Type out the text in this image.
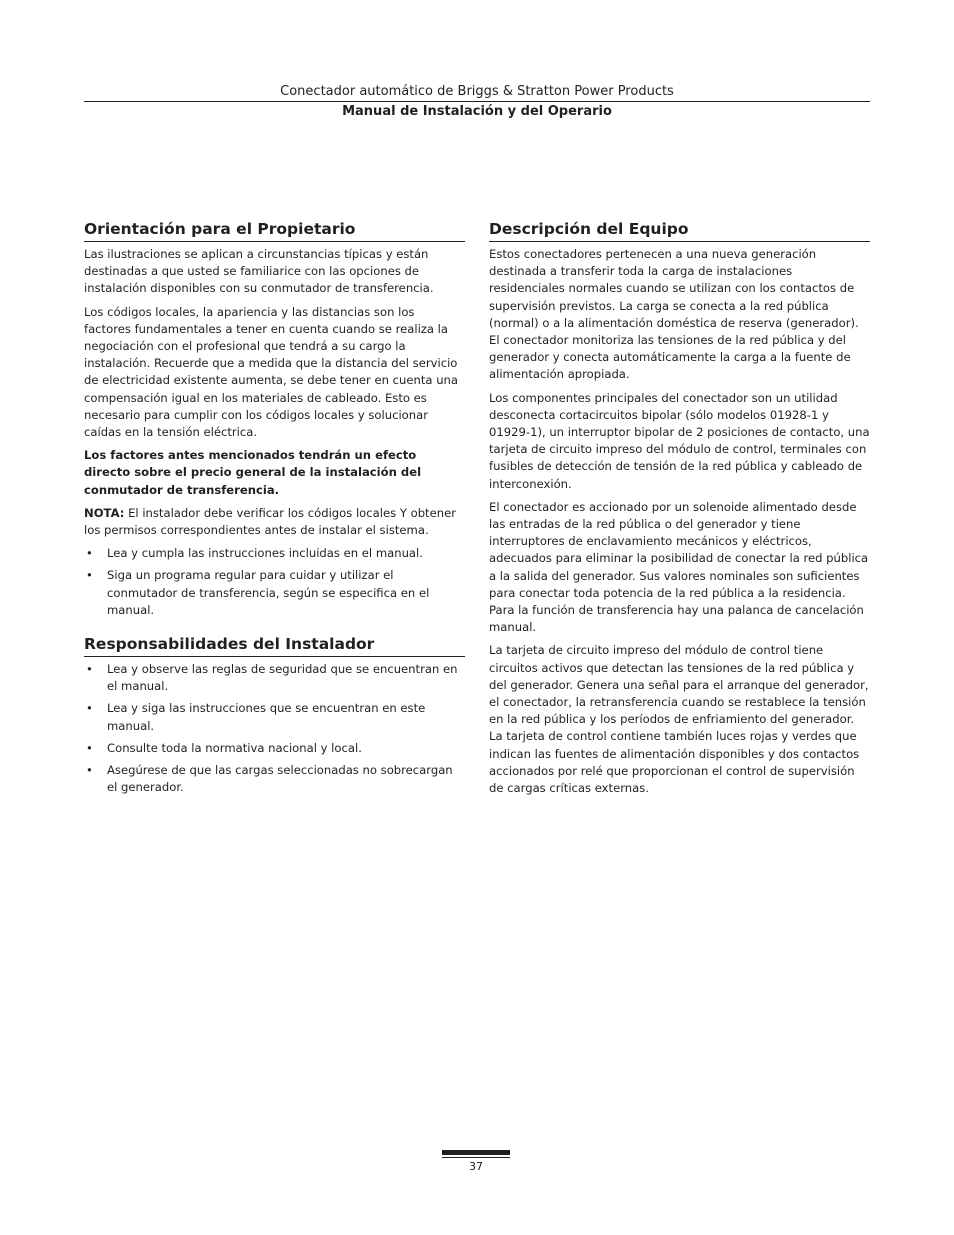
Conectador automático de Briggs & Stratton Power Products
Manual de Instalación y del Operario
Orientación para el Propietario

Las ilustraciones se aplican a circunstancias típicas y están destinadas a que usted se familiarice con las opciones de instalación disponibles con su conmutador de transferencia.

Los códigos locales, la apariencia y las distancias son los factores fundamentales a tener en cuenta cuando se realiza la negociación con el profesional que tendrá a su cargo la instalación. Recuerde que a medida que la distancia del servicio de electricidad existente aumenta, se debe tener en cuenta una compensación igual en los materiales de cableado. Esto es necesario para cumplir con los códigos locales y solucionar caídas en la tensión eléctrica.

Los factores antes mencionados tendrán un efecto directo sobre el precio general de la instalación del conmutador de transferencia.

NOTA: El instalador debe verificar los códigos locales Y obtener los permisos correspondientes antes de instalar el sistema.

• Lea y cumpla las instrucciones incluidas en el manual.
• Siga un programa regular para cuidar y utilizar el conmutador de transferencia, según se especifica en el manual.
Responsabilidades del Instalador
• Lea y observe las reglas de seguridad que se encuentran en el manual.
• Lea y siga las instrucciones que se encuentran en este manual.
• Consulte toda la normativa nacional y local.
• Asegúrese de que las cargas seleccionadas no sobrecargan el generador.
Descripción del Equipo

Estos conectadores pertenecen a una nueva generación destinada a transferir toda la carga de instalaciones residenciales normales cuando se utilizan con los contactos de supervisión previstos. La carga se conecta a la red pública (normal) o a la alimentación doméstica de reserva (generador). El conectador monitoriza las tensiones de la red pública y del generador y conecta automáticamente la carga a la fuente de alimentación apropiada.

Los componentes principales del conectador son un utilidad desconecta cortacircuitos bipolar (sólo modelos 01928-1 y 01929-1), un interruptor bipolar de 2 posiciones de contacto, una tarjeta de circuito impreso del módulo de control, terminales con fusibles de detección de tensión de la red pública y cableado de interconexión.

El conectador es accionado por un solenoide alimentado desde las entradas de la red pública o del generador y tiene interruptores de enclavamiento mecánicos y eléctricos, adecuados para eliminar la posibilidad de conectar la red pública a la salida del generador. Sus valores nominales son suficientes para conectar toda potencia de la red pública a la residencia. Para la función de transferencia hay una palanca de cancelación manual.

La tarjeta de circuito impreso del módulo de control tiene circuitos activos que detectan las tensiones de la red pública y del generador. Genera una señal para el arranque del generador, el conectador, la retransferencia cuando se restablece la tensión en la red pública y los períodos de enfriamiento del generador. La tarjeta de control contiene también luces rojas y verdes que indican las fuentes de alimentación disponibles y dos contactos accionados por relé que proporcionan el control de supervisión de cargas críticas externas.

37
